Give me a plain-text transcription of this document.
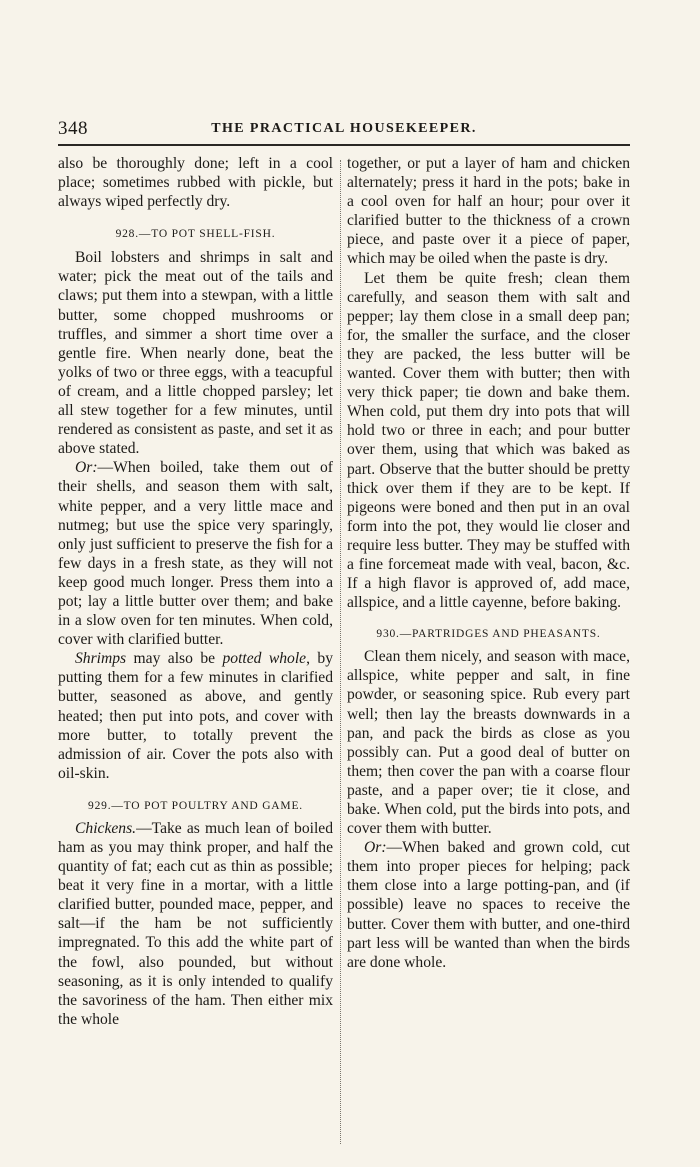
348	THE PRACTICAL HOUSEKEEPER.

also be thoroughly done; left in a cool place; sometimes rubbed with pickle, but always wiped perfectly dry.

928.—TO POT SHELL-FISH.

Boil lobsters and shrimps in salt and water; pick the meat out of the tails and claws; put them into a stewpan, with a little butter, some chopped mushrooms or truffles, and simmer a short time over a gentle fire. When nearly done, beat the yolks of two or three eggs, with a teacupful of cream, and a little chopped parsley; let all stew together for a few minutes, until rendered as consistent as paste, and set it as above stated.

Or:—When boiled, take them out of their shells, and season them with salt, white pepper, and a very little mace and nutmeg; but use the spice very sparingly, only just sufficient to preserve the fish for a few days in a fresh state, as they will not keep good much longer. Press them into a pot; lay a little butter over them; and bake in a slow oven for ten minutes. When cold, cover with clarified butter.

Shrimps may also be potted whole, by putting them for a few minutes in clarified butter, seasoned as above, and gently heated; then put into pots, and cover with more butter, to totally prevent the admission of air. Cover the pots also with oil-skin.

929.—TO POT POULTRY AND GAME.

Chickens.—Take as much lean of boiled ham as you may think proper, and half the quantity of fat; each cut as thin as possible; beat it very fine in a mortar, with a little clarified butter, pounded mace, pepper, and salt—if the ham be not sufficiently impregnated. To this add the white part of the fowl, also pounded, but without seasoning, as it is only intended to qualify the savoriness of the ham. Then either mix the whole

together, or put a layer of ham and chicken alternately; press it hard in the pots; bake in a cool oven for half an hour; pour over it clarified butter to the thickness of a crown piece, and paste over it a piece of paper, which may be oiled when the paste is dry.

Let them be quite fresh; clean them carefully, and season them with salt and pepper; lay them close in a small deep pan; for, the smaller the surface, and the closer they are packed, the less butter will be wanted. Cover them with butter; then with very thick paper; tie down and bake them. When cold, put them dry into pots that will hold two or three in each; and pour butter over them, using that which was baked as part. Observe that the butter should be pretty thick over them if they are to be kept. If pigeons were boned and then put in an oval form into the pot, they would lie closer and require less butter. They may be stuffed with a fine forcemeat made with veal, bacon, &c. If a high flavor is approved of, add mace, allspice, and a little cayenne, before baking.

930.—PARTRIDGES AND PHEASANTS.

Clean them nicely, and season with mace, allspice, white pepper and salt, in fine powder, or seasoning spice. Rub every part well; then lay the breasts downwards in a pan, and pack the birds as close as you possibly can. Put a good deal of butter on them; then cover the pan with a coarse flour paste, and a paper over; tie it close, and bake. When cold, put the birds into pots, and cover them with butter.

Or:—When baked and grown cold, cut them into proper pieces for helping; pack them close into a large potting-pan, and (if possible) leave no spaces to receive the butter. Cover them with butter, and one-third part less will be wanted than when the birds are done whole.
